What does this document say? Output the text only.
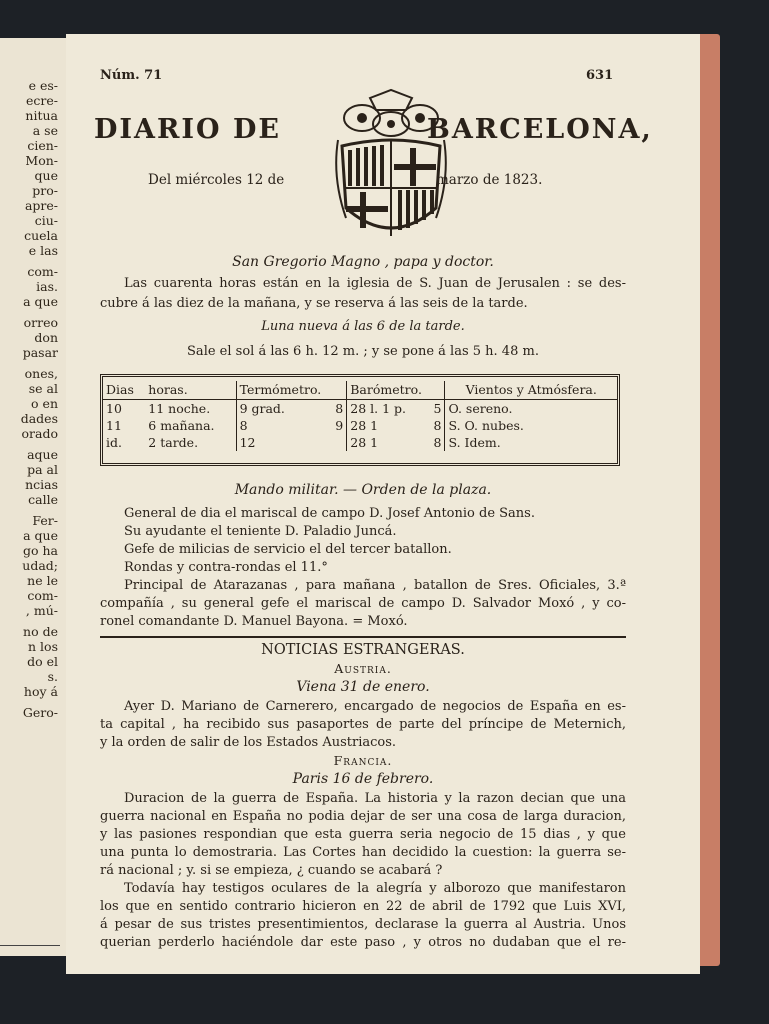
e es-
ecre-
nitua
a se
cien-
Mon-
que
pro-
apre-
ciu-
cuela
e las
com-
ias.
a que
orreo
don
pasar
ones,
se al
o en
dades
orado
aque
pa al
ncias
calle
Fer-
a que
go ha
udad;
ne le
com-
, mú-
no de
n los
do el
s.
hoy á
Gero-
Núm. 71	631
DIARIO DE	BARCELONA,
Del miércoles 12 de	marzo de 1823.
San Gregorio Magno , papa y doctor.
Las cuarenta horas están en la iglesia de S. Juan de Jerusalen : se des-
cubre á las diez de la mañana, y se reserva á las seis de la tarde.
Luna nueva á las 6 de la tarde.
Sale el sol á las 6 h. 12 m. ; y se pone á las 5 h. 48 m.
Dias	horas.	Termómetro.		Barómetro.		Vientos y Atmósfera.
10	11 noche.	9 grad.	8	28 l. 1 p.	5	O. sereno.
11	6 mañana.	8	9	28 1	8	S. O. nubes.
id.	2 tarde.	12		28 1	8	S. Idem.
Mando militar. — Orden de la plaza.
General de dia el mariscal de campo D. Josef Antonio de Sans.
Su ayudante el teniente D. Paladio Juncá.
Gefe de milicias de servicio el del tercer batallon.
Rondas y contra-rondas el 11.°
Principal de Atarazanas , para mañana , batallon de Sres. Oficiales, 3.ª
compañía , su general gefe el mariscal de campo D. Salvador Moxó , y co-
ronel comandante D. Manuel Bayona. = Moxó.
NOTICIAS ESTRANGERAS.
Austria.
Viena 31 de enero.
Ayer D. Mariano de Carnerero, encargado de negocios de España en es-
ta capital , ha recibido sus pasaportes de parte del príncipe de Meternich,
y la orden de salir de los Estados Austriacos.
Francia.
Paris 16 de febrero.
Duracion de la guerra de España. La historia y la razon decian que una
guerra nacional en España no podia dejar de ser una cosa de larga duracion,
y las pasiones respondian que esta guerra seria negocio de 15 dias , y que
una punta lo demostraria. Las Cortes han decidido la cuestion: la guerra se-
rá nacional ; y. si se empieza, ¿ cuando se acabará ?
Todavía hay testigos oculares de la alegría y alborozo que manifestaron
los que en sentido contrario hicieron en 22 de abril de 1792 que Luis XVI,
á pesar de sus tristes presentimientos, declarase la guerra al Austria. Unos
querian perderlo haciéndole dar este paso , y otros no dudaban que el re-
